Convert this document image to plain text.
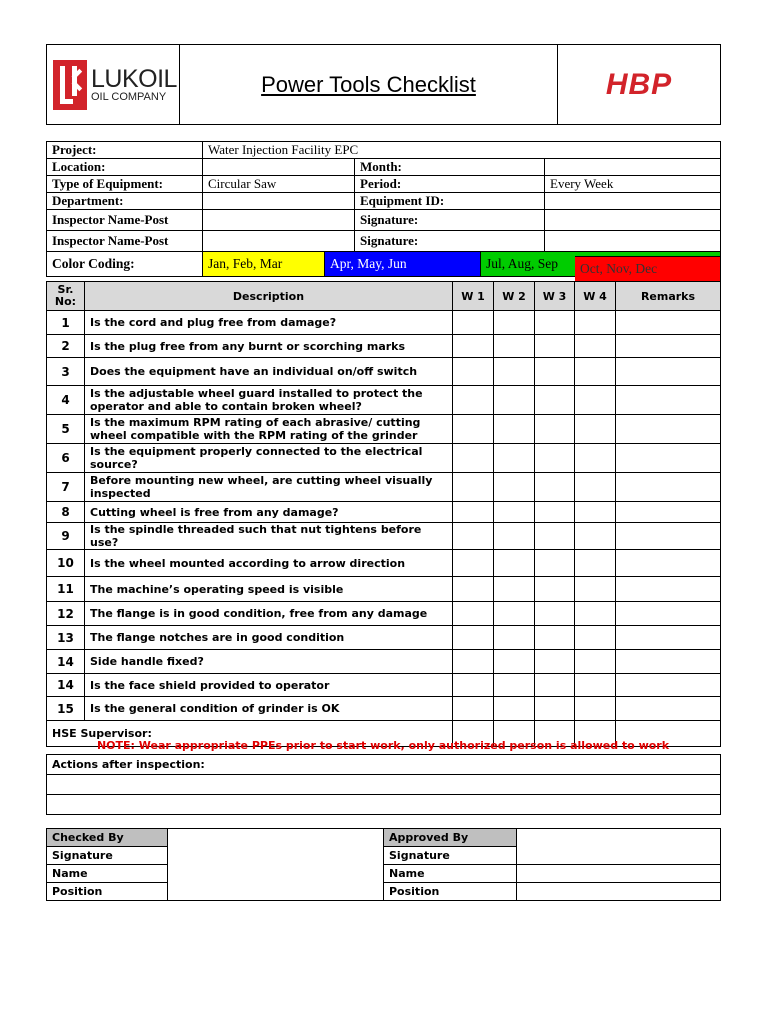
LUKOIL
OIL COMPANY	Power Tools Checklist	HBP
Project:	Water Injection Facility EPC				
Location:			Month:		
Type of Equipment:	Circular Saw		Period:		Every Week
Department:			Equipment ID:		
Inspector Name-Post			Signature:		
Inspector Name-Post			Signature:		
Color Coding:	Jan, Feb, Mar	Apr, May, Jun		Jul, Aug, Sep		Oct, Nov, Dec
Sr.
No:	Description	W 1	W 2	W 3	W 4	Remarks
1	Is the cord and plug free from damage?					
2	Is the plug free from any burnt or scorching marks					
3	Does the equipment have an individual on/off switch					
4	Is the adjustable wheel guard installed to protect the operator and able to contain broken wheel?					
5	Is the maximum RPM rating of each abrasive/ cutting wheel compatible with the RPM rating of the grinder					
6	Is the equipment properly connected to the electrical source?					
7	Before mounting new wheel, are cutting wheel visually inspected					
8	Cutting wheel is free from any damage?					
9	Is the spindle threaded such that nut tightens before use?					
10	Is the wheel mounted according to arrow direction					
11	The machine’s operating speed is visible					
12	The flange is in good condition, free from any damage					
13	The flange notches are in good condition					
14	Side handle fixed?					
14	Is the face shield provided to operator					
15	Is the general condition of grinder is OK					
HSE Supervisor:						
NOTE: Wear appropriate PPEs prior to start work, only authorized person is allowed to work
Actions after inspection:

Checked By		Approved By	
Signature		Signature	
Name		Name	
Position		Position	
